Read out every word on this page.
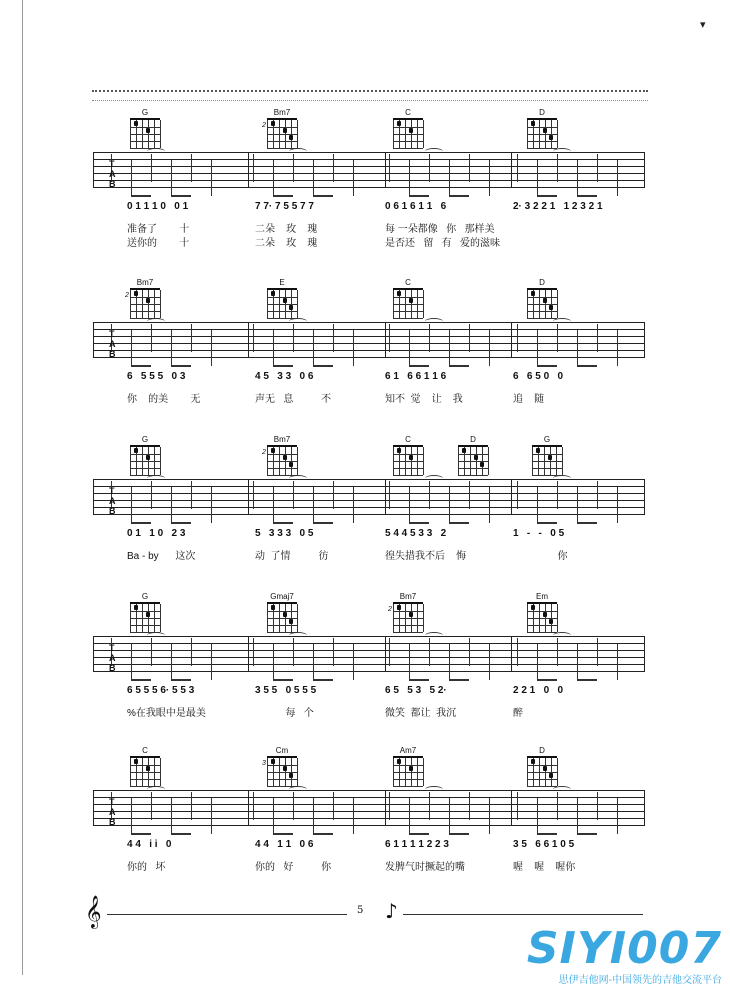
▾
G	Bm7
2
C	D
T
A
B
0 1 1 1 0   0 1	7 7· 7 5 5 7 7	0 6 1 6 1 1   6	2· 3 2 2 1   1 2 3 2 1
准备了        十	二朵    玫    瑰	每 一朵都像   你   那样美
送你的        十	二朵    玫    瑰	是否还   留   有   爱的滋味
Bm7
2
E	C	D
T
A
B
6   5 5 5   0 3	4 5   3 3   0 6	6 1   6 6 1 1 6	6   6 5 0   0
你    的美        无	声无   息          不	知不  觉    让    我	追    随
G	Bm7
2
C	D	G
T
A
B
0 1   1 0   2 3	5   3 3 3   0 5	5 4 4 5 3 3   2	1   -   -   0 5
Ba - by      这次	动  了情          彷	徨失措我不后    悔	你
G	Gmaj7	Bm7
2
Em
T
A
B
6 5 5 5 6· 5 5 3	3 5 5   0 5 5 5	6 5   5 3   5 2·	2 2 1   0   0
%在我眼中是最美	每   个	微笑  都让  我沉	醉
C	Cm
3
Am7	D
T
A
B
4 4   i i   0	4 4   1 1   0 6	6 1 1 1 1 2 2 3	3 5   6 6 1 0 5
你的   坏	你的   好          你	发脾气时撅起的嘴	喔    喔    喔你
𝄞	5 ♪
SIYI007
思伊吉他网-中国领先的吉他交流平台
